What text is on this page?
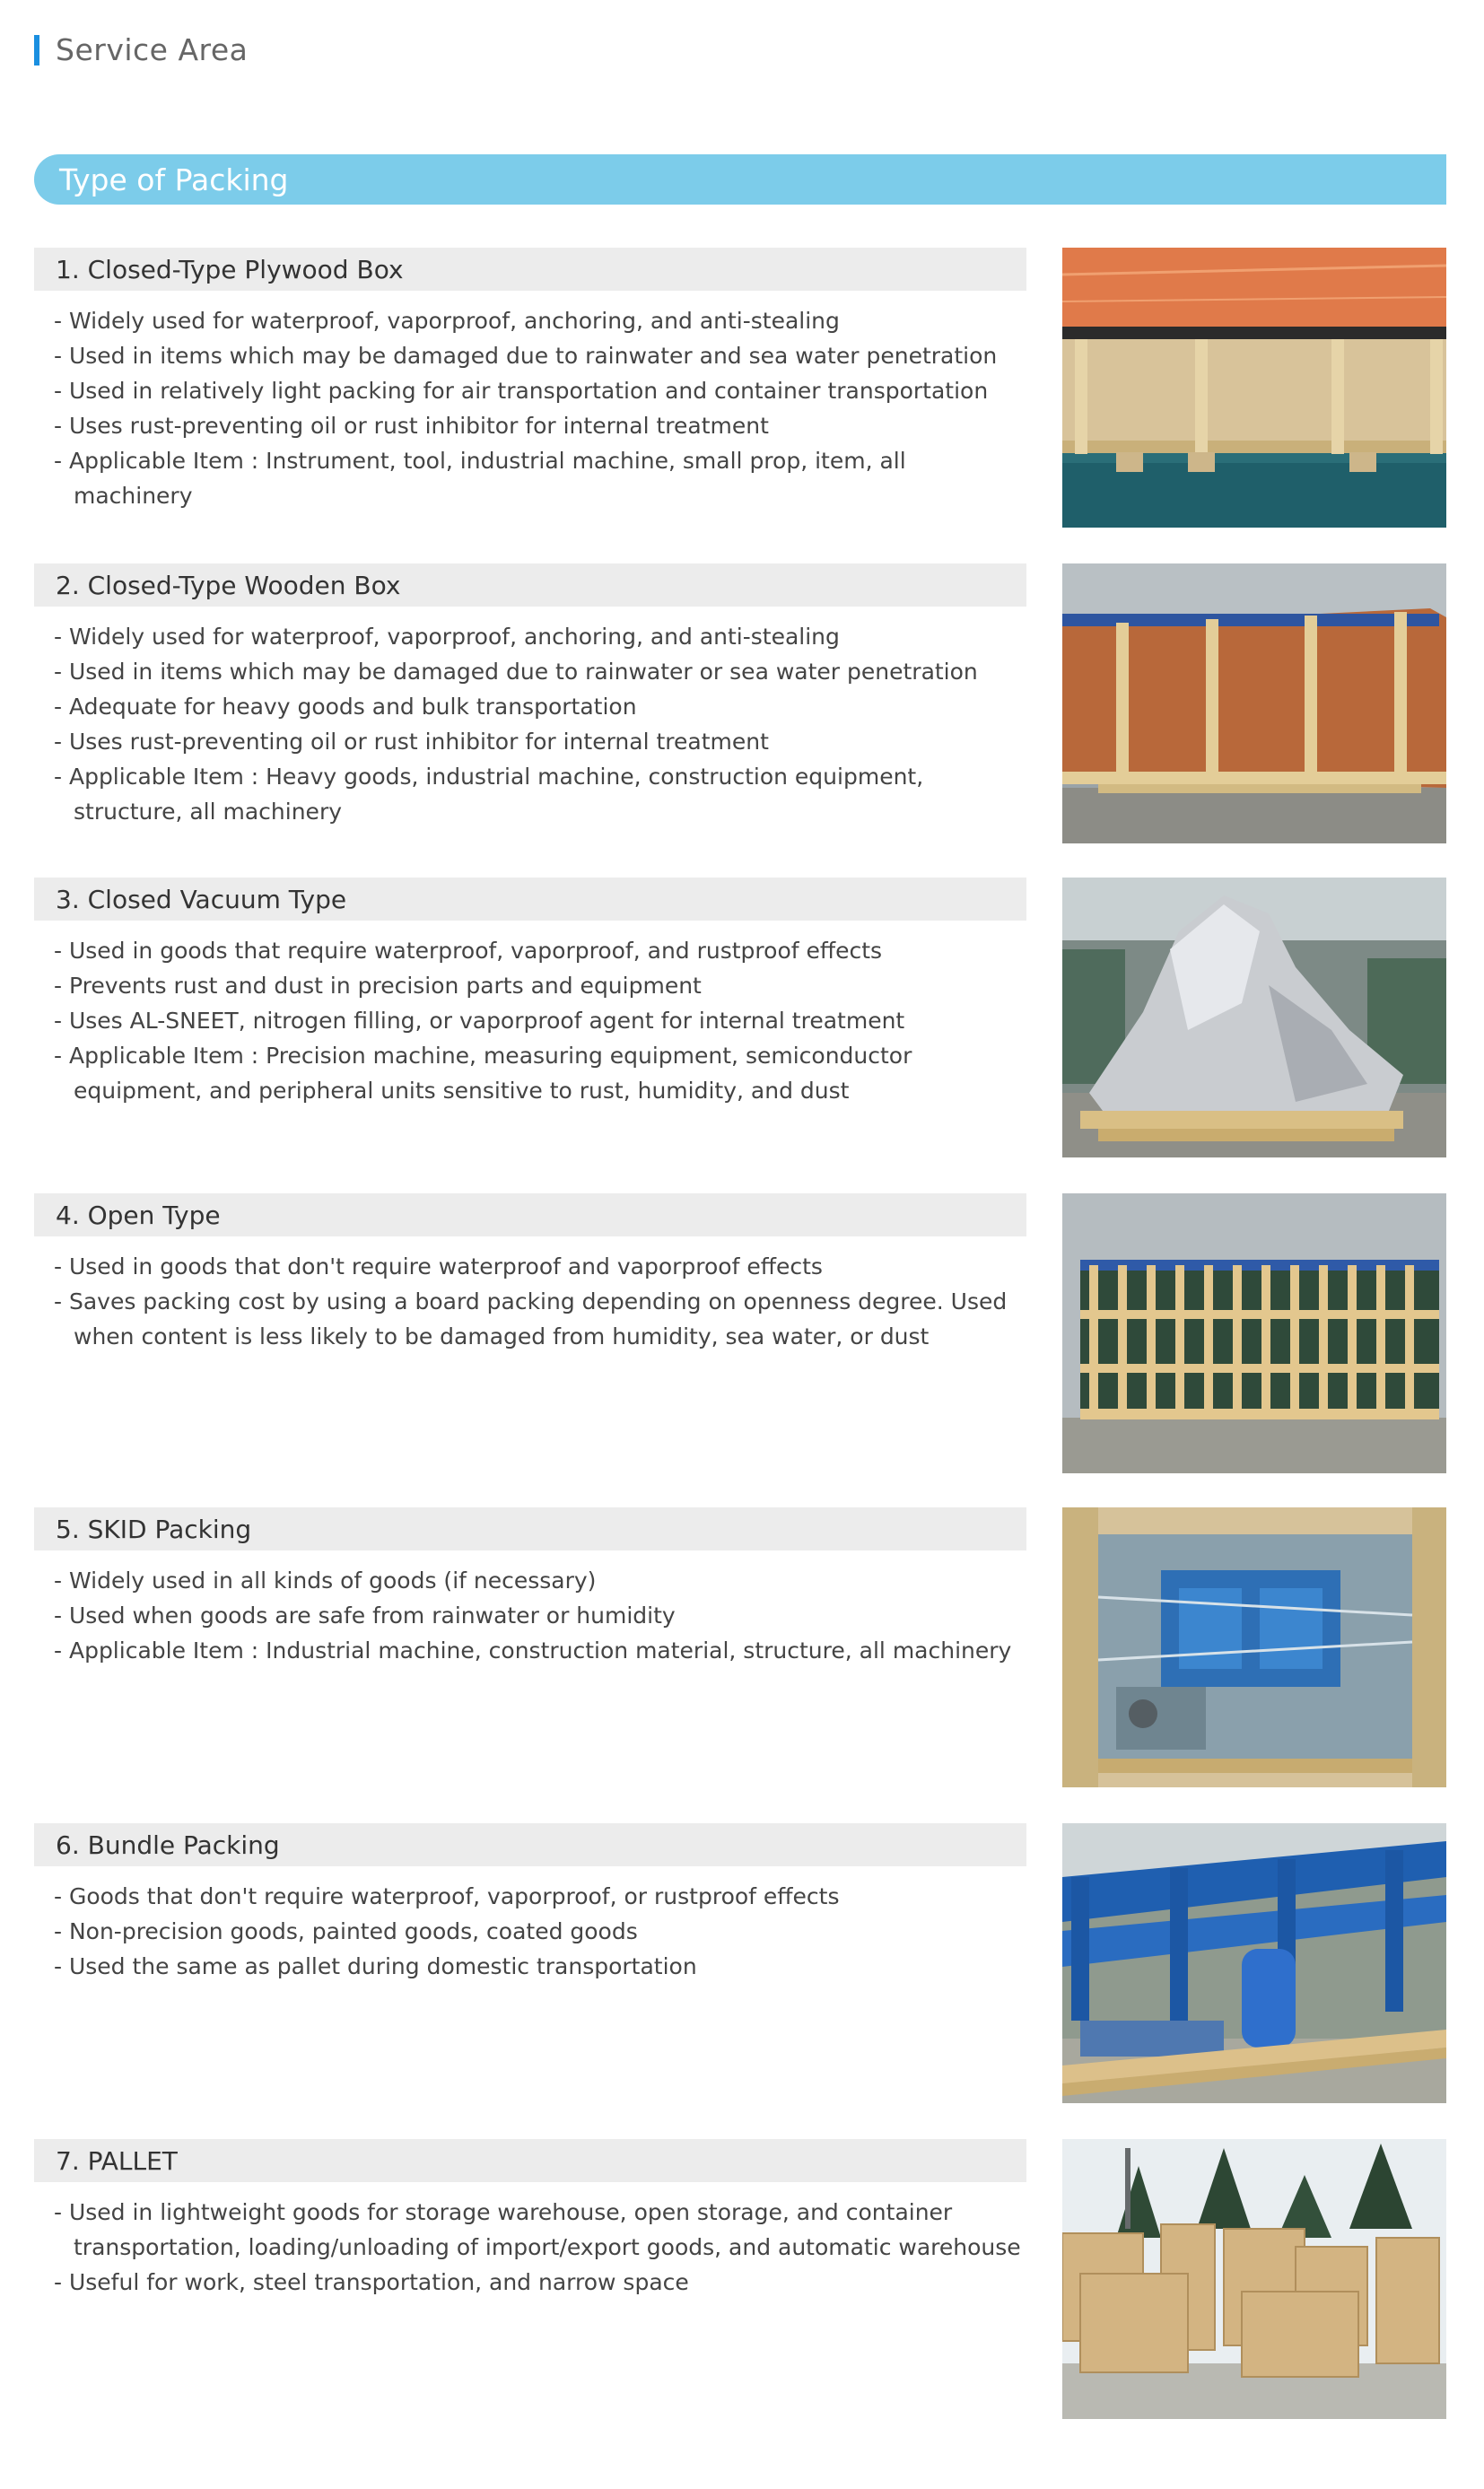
Service Area
Type of Packing
1. Closed-Type Plywood Box
- Widely used for waterproof, vaporproof, anchoring, and anti-stealing
- Used in items which may be damaged due to rainwater and sea water penetration
- Used in relatively light packing for air transportation and container transportation
- Uses rust-preventing oil or rust inhibitor for internal treatment
- Applicable Item : Instrument, tool, industrial machine, small prop, item, all machinery
2. Closed-Type Wooden Box
- Widely used for waterproof, vaporproof, anchoring, and anti-stealing
- Used in items which may be damaged due to rainwater or sea water penetration
- Adequate for heavy goods and bulk transportation
- Uses rust-preventing oil or rust inhibitor for internal treatment
- Applicable Item : Heavy goods, industrial machine, construction equipment, structure, all machinery
3. Closed Vacuum Type
- Used in goods that require waterproof, vaporproof, and rustproof effects
- Prevents rust and dust in precision parts and equipment
- Uses AL-SNEET, nitrogen filling, or vaporproof agent for internal treatment
- Applicable Item : Precision machine, measuring equipment, semiconductor equipment, and peripheral units sensitive to rust, humidity, and dust
4. Open Type
- Used in goods that don't require waterproof and vaporproof effects
- Saves packing cost by using a board packing depending on openness degree. Used when content is less likely to be damaged from humidity, sea water, or dust
5. SKID Packing
- Widely used in all kinds of goods (if necessary)
- Used when goods are safe from rainwater or humidity
- Applicable Item : Industrial machine, construction material, structure, all machinery
6. Bundle Packing
- Goods that don't require waterproof, vaporproof, or rustproof effects
- Non-precision goods, painted goods, coated goods
- Used the same as pallet during domestic transportation
7. PALLET
- Used in lightweight goods for storage warehouse, open storage, and container transportation, loading/unloading of import/export goods, and automatic warehouse
- Useful for work, steel transportation, and narrow space
